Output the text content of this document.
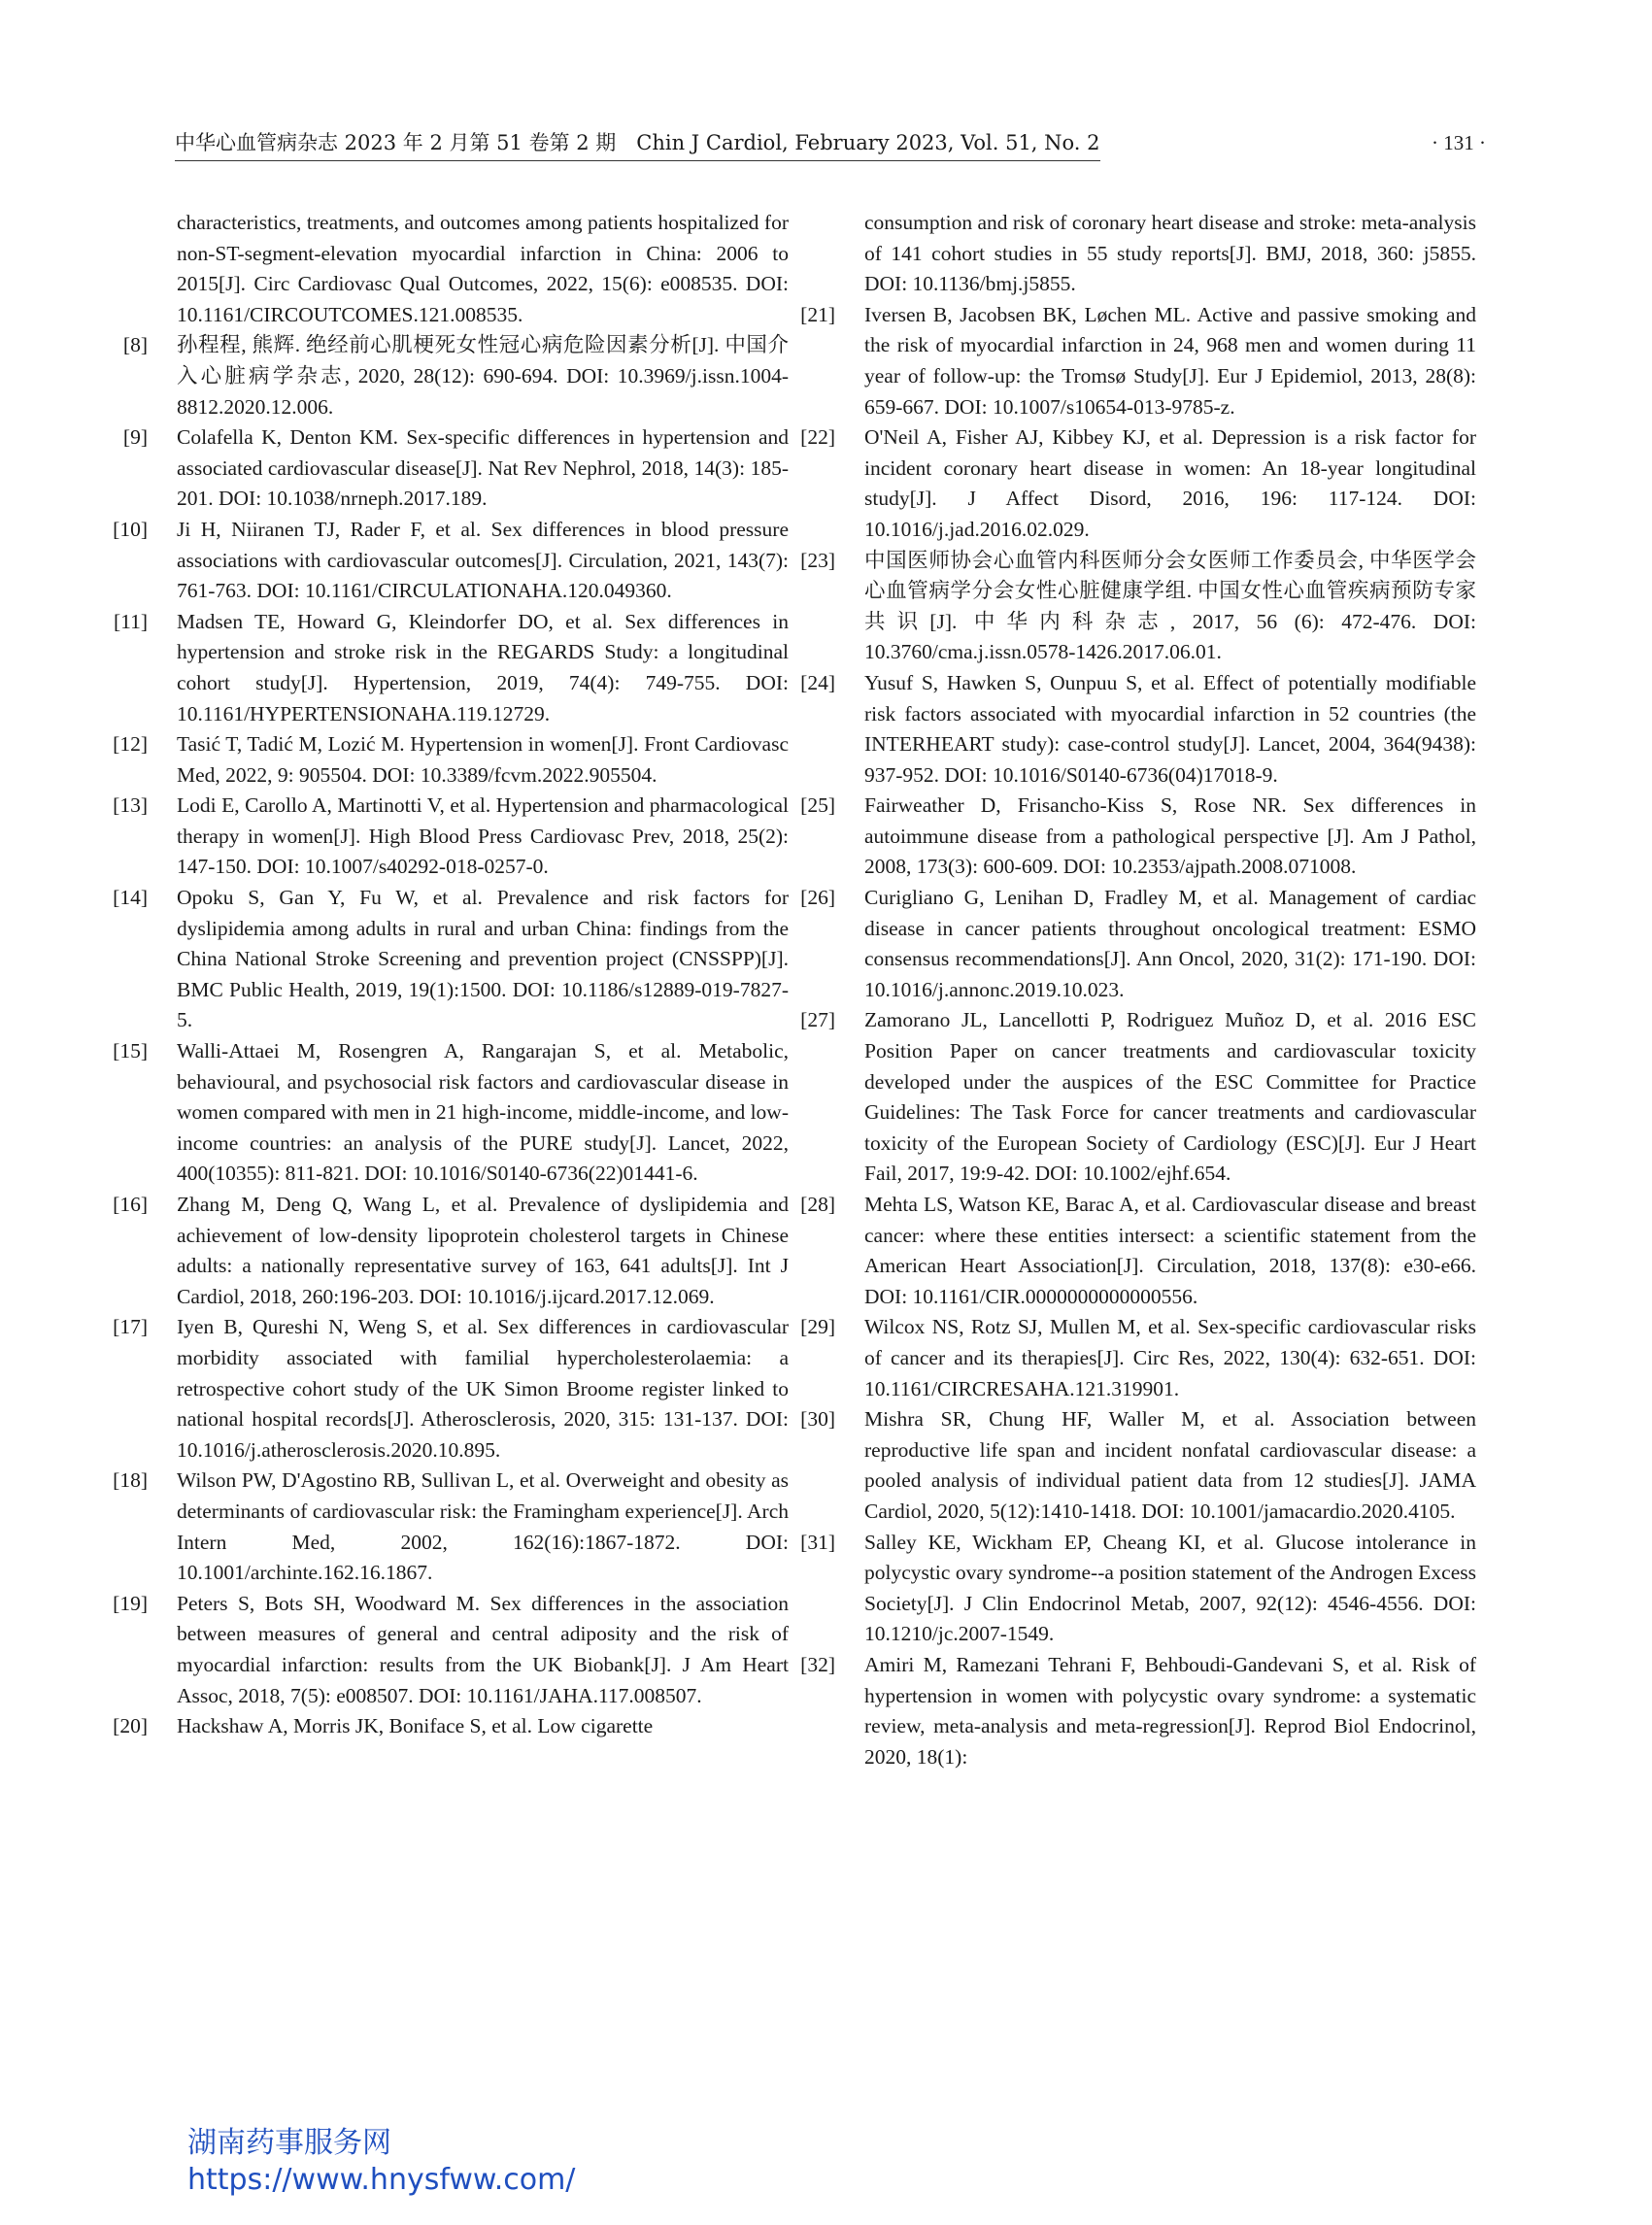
中华心血管病杂志 2023 年 2 月第 51 卷第 2 期　Chin J Cardiol, February 2023, Vol. 51, No. 2	· 131 ·
characteristics, treatments, and outcomes among patients hospitalized for non-ST-segment-elevation myocardial infarction in China: 2006 to 2015[J]. Circ Cardiovasc Qual Outcomes, 2022, 15(6): e008535. DOI: 10.1161/CIRCOUTCOMES.121.008535.
[8] 孙程程, 熊辉. 绝经前心肌梗死女性冠心病危险因素分析[J]. 中国介入心脏病学杂志, 2020, 28(12): 690-694. DOI: 10.3969/j.issn.1004-8812.2020.12.006.
[9] Colafella K, Denton KM. Sex-specific differences in hypertension and associated cardiovascular disease[J]. Nat Rev Nephrol, 2018, 14(3): 185-201. DOI: 10.1038/nrneph.2017.189.
[10] Ji H, Niiranen TJ, Rader F, et al. Sex differences in blood pressure associations with cardiovascular outcomes[J]. Circulation, 2021, 143(7): 761-763. DOI: 10.1161/CIRCULATIONAHA.120.049360.
[11] Madsen TE, Howard G, Kleindorfer DO, et al. Sex differences in hypertension and stroke risk in the REGARDS Study: a longitudinal cohort study[J]. Hypertension, 2019, 74(4): 749-755. DOI: 10.1161/HYPERTENSIONAHA.119.12729.
[12] Tasić T, Tadić M, Lozić M. Hypertension in women[J]. Front Cardiovasc Med, 2022, 9: 905504. DOI: 10.3389/fcvm.2022.905504.
[13] Lodi E, Carollo A, Martinotti V, et al. Hypertension and pharmacological therapy in women[J]. High Blood Press Cardiovasc Prev, 2018, 25(2): 147-150. DOI: 10.1007/s40292-018-0257-0.
[14] Opoku S, Gan Y, Fu W, et al. Prevalence and risk factors for dyslipidemia among adults in rural and urban China: findings from the China National Stroke Screening and prevention project (CNSSPP)[J]. BMC Public Health, 2019, 19(1):1500. DOI: 10.1186/s12889-019-7827-5.
[15] Walli-Attaei M, Rosengren A, Rangarajan S, et al. Metabolic, behavioural, and psychosocial risk factors and cardiovascular disease in women compared with men in 21 high-income, middle-income, and low-income countries: an analysis of the PURE study[J]. Lancet, 2022, 400(10355): 811-821. DOI: 10.1016/S0140-6736(22)01441-6.
[16] Zhang M, Deng Q, Wang L, et al. Prevalence of dyslipidemia and achievement of low-density lipoprotein cholesterol targets in Chinese adults: a nationally representative survey of 163, 641 adults[J]. Int J Cardiol, 2018, 260:196-203. DOI: 10.1016/j.ijcard.2017.12.069.
[17] Iyen B, Qureshi N, Weng S, et al. Sex differences in cardiovascular morbidity associated with familial hypercholesterolaemia: a retrospective cohort study of the UK Simon Broome register linked to national hospital records[J]. Atherosclerosis, 2020, 315: 131-137. DOI: 10.1016/j.atherosclerosis.2020.10.895.
[18] Wilson PW, D'Agostino RB, Sullivan L, et al. Overweight and obesity as determinants of cardiovascular risk: the Framingham experience[J]. Arch Intern Med, 2002, 162(16):1867-1872. DOI: 10.1001/archinte.162.16.1867.
[19] Peters S, Bots SH, Woodward M. Sex differences in the association between measures of general and central adiposity and the risk of myocardial infarction: results from the UK Biobank[J]. J Am Heart Assoc, 2018, 7(5): e008507. DOI: 10.1161/JAHA.117.008507.
[20] Hackshaw A, Morris JK, Boniface S, et al. Low cigarette
consumption and risk of coronary heart disease and stroke: meta-analysis of 141 cohort studies in 55 study reports[J]. BMJ, 2018, 360: j5855. DOI: 10.1136/bmj.j5855.
[21] Iversen B, Jacobsen BK, Løchen ML. Active and passive smoking and the risk of myocardial infarction in 24, 968 men and women during 11 year of follow-up: the Tromsø Study[J]. Eur J Epidemiol, 2013, 28(8): 659-667. DOI: 10.1007/s10654-013-9785-z.
[22] O'Neil A, Fisher AJ, Kibbey KJ, et al. Depression is a risk factor for incident coronary heart disease in women: An 18-year longitudinal study[J]. J Affect Disord, 2016, 196: 117-124. DOI: 10.1016/j.jad.2016.02.029.
[23] 中国医师协会心血管内科医师分会女医师工作委员会, 中华医学会心血管病学分会女性心脏健康学组. 中国女性心血管疾病预防专家共识[J]. 中华内科杂志, 2017, 56 (6): 472-476. DOI: 10.3760/cma.j.issn.0578-1426.2017.06.01.
[24] Yusuf S, Hawken S, Ounpuu S, et al. Effect of potentially modifiable risk factors associated with myocardial infarction in 52 countries (the INTERHEART study): case-control study[J]. Lancet, 2004, 364(9438): 937-952. DOI: 10.1016/S0140-6736(04)17018-9.
[25] Fairweather D, Frisancho-Kiss S, Rose NR. Sex differences in autoimmune disease from a pathological perspective [J]. Am J Pathol, 2008, 173(3): 600-609. DOI: 10.2353/ajpath.2008.071008.
[26] Curigliano G, Lenihan D, Fradley M, et al. Management of cardiac disease in cancer patients throughout oncological treatment: ESMO consensus recommendations[J]. Ann Oncol, 2020, 31(2): 171-190. DOI: 10.1016/j.annonc.2019.10.023.
[27] Zamorano JL, Lancellotti P, Rodriguez Muñoz D, et al. 2016 ESC Position Paper on cancer treatments and cardiovascular toxicity developed under the auspices of the ESC Committee for Practice Guidelines: The Task Force for cancer treatments and cardiovascular toxicity of the European Society of Cardiology (ESC)[J]. Eur J Heart Fail, 2017, 19:9-42. DOI: 10.1002/ejhf.654.
[28] Mehta LS, Watson KE, Barac A, et al. Cardiovascular disease and breast cancer: where these entities intersect: a scientific statement from the American Heart Association[J]. Circulation, 2018, 137(8): e30-e66. DOI: 10.1161/CIR.0000000000000556.
[29] Wilcox NS, Rotz SJ, Mullen M, et al. Sex-specific cardiovascular risks of cancer and its therapies[J]. Circ Res, 2022, 130(4): 632-651. DOI: 10.1161/CIRCRESAHA.121.319901.
[30] Mishra SR, Chung HF, Waller M, et al. Association between reproductive life span and incident nonfatal cardiovascular disease: a pooled analysis of individual patient data from 12 studies[J]. JAMA Cardiol, 2020, 5(12):1410-1418. DOI: 10.1001/jamacardio.2020.4105.
[31] Salley KE, Wickham EP, Cheang KI, et al. Glucose intolerance in polycystic ovary syndrome--a position statement of the Androgen Excess Society[J]. J Clin Endocrinol Metab, 2007, 92(12): 4546-4556. DOI: 10.1210/jc.2007-1549.
[32] Amiri M, Ramezani Tehrani F, Behboudi-Gandevani S, et al. Risk of hypertension in women with polycystic ovary syndrome: a systematic review, meta-analysis and meta-regression[J]. Reprod Biol Endocrinol, 2020, 18(1):
湖南药事服务网
https://www.hnysfww.com/
